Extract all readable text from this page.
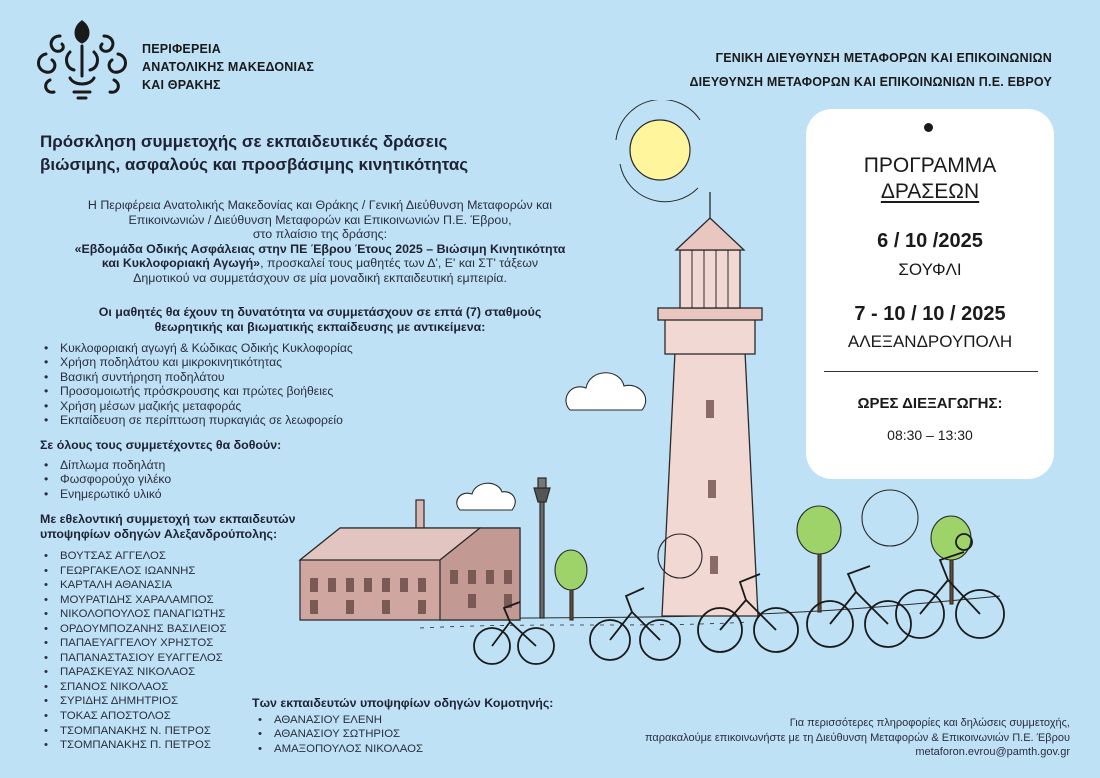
ΠΕΡΙΦΕΡΕΙΑ
ΑΝΑΤΟΛΙΚΗΣ ΜΑΚΕΔΟΝΙΑΣ
ΚΑΙ ΘΡΑΚΗΣ
ΓΕΝΙΚΗ ΔΙΕΥΘΥΝΣΗ ΜΕΤΑΦΟΡΩΝ ΚΑΙ ΕΠΙΚΟΙΝΩΝΙΩΝ
ΔΙΕΥΘΥΝΣΗ ΜΕΤΑΦΟΡΩΝ ΚΑΙ ΕΠΙΚΟΙΝΩΝΙΩΝ Π.Ε. ΕΒΡΟΥ
Πρόσκληση συμμετοχής σε εκπαιδευτικές δράσεις
βιώσιμης, ασφαλούς και προσβάσιμης κινητικότητας
Η Περιφέρεια Ανατολικής Μακεδονίας και Θράκης / Γενική Διεύθυνση Μεταφορών και
Επικοινωνιών / Διεύθυνση Μεταφορών και Επικοινωνιών Π.Ε. Έβρου,
στο πλαίσιο της δράσης:
«Εβδομάδα Οδικής Ασφάλειας στην ΠΕ Έβρου Έτους 2025 – Βιώσιμη Κινητικότητα
και Κυκλοφοριακή Αγωγή», προσκαλεί τους μαθητές των Δ', Ε' και ΣΤ' τάξεων
Δημοτικού να συμμετάσχουν σε μία μοναδική εκπαιδευτική εμπειρία.
Οι μαθητές θα έχουν τη δυνατότητα να συμμετάσχουν σε επτά (7) σταθμούς
θεωρητικής και βιωματικής εκπαίδευσης με αντικείμενα:
• Κυκλοφοριακή αγωγή & Κώδικας Οδικής Κυκλοφορίας
• Χρήση ποδηλάτου και μικροκινητικότητας
• Βασική συντήρηση ποδηλάτου
• Προσομοιωτής πρόσκρουσης και πρώτες βοήθειες
• Χρήση μέσων μαζικής μεταφοράς
• Εκπαίδευση σε περίπτωση πυρκαγιάς σε λεωφορείο
Σε όλους τους συμμετέχοντες θα δοθούν:
• Δίπλωμα ποδηλάτη
• Φωσφορούχο γιλέκο
• Ενημερωτικό υλικό
Με εθελοντική συμμετοχή των εκπαιδευτών
υποψηφίων οδηγών Αλεξανδρούπολης:
• ΒΟΥΤΣΑΣ ΑΓΓΕΛΟΣ
• ΓΕΩΡΓΑΚΕΛΟΣ ΙΩΑΝΝΗΣ
• ΚΑΡΤΑΛΗ ΑΘΑΝΑΣΙΑ
• ΜΟΥΡΑΤΙΔΗΣ ΧΑΡΑΛΑΜΠΟΣ
• ΝΙΚΟΛΟΠΟΥΛΟΣ ΠΑΝΑΓΙΩΤΗΣ
• ΟΡΔΟΥΜΠΟΖΑΝΗΣ ΒΑΣΙΛΕΙΟΣ
• ΠΑΠΑΕΥΑΓΓΕΛΟΥ ΧΡΗΣΤΟΣ
• ΠΑΠΑΝΑΣΤΑΣΙΟΥ ΕΥΑΓΓΕΛΟΣ
• ΠΑΡΑΣΚΕΥΑΣ ΝΙΚΟΛΑΟΣ
• ΣΠΑΝΟΣ ΝΙΚΟΛΑΟΣ
• ΣΥΡΙΔΗΣ ΔΗΜΗΤΡΙΟΣ
• ΤΟΚΑΣ ΑΠΟΣΤΟΛΟΣ
• ΤΣΟΜΠΑΝΑΚΗΣ Ν. ΠΕΤΡΟΣ
• ΤΣΟΜΠΑΝΑΚΗΣ Π. ΠΕΤΡΟΣ
Των εκπαιδευτών υποψηφίων οδηγών Κομοτηνής:
• ΑΘΑΝΑΣΙΟΥ ΕΛΕΝΗ
• ΑΘΑΝΑΣΙΟΥ ΣΩΤΗΡΙΟΣ
• ΑΜΑΞΟΠΟΥΛΟΣ ΝΙΚΟΛΑΟΣ
Για περισσότερες πληροφορίες και δηλώσεις συμμετοχής,
παρακαλούμε επικοινωνήστε με τη Διεύθυνση Μεταφορών & Επικοινωνιών Π.Ε. Έβρου
metaforon.evrou@pamth.gov.gr
ΠΡΟΓΡΑΜΜΑ
ΔΡΑΣΕΩΝ
6 / 10 /2025
ΣΟΥΦΛΙ
7 - 10 / 10 / 2025
ΑΛΕΞΑΝΔΡΟΥΠΟΛΗ
ΩΡΕΣ ΔΙΕΞΑΓΩΓΗΣ:
08:30 – 13:30
